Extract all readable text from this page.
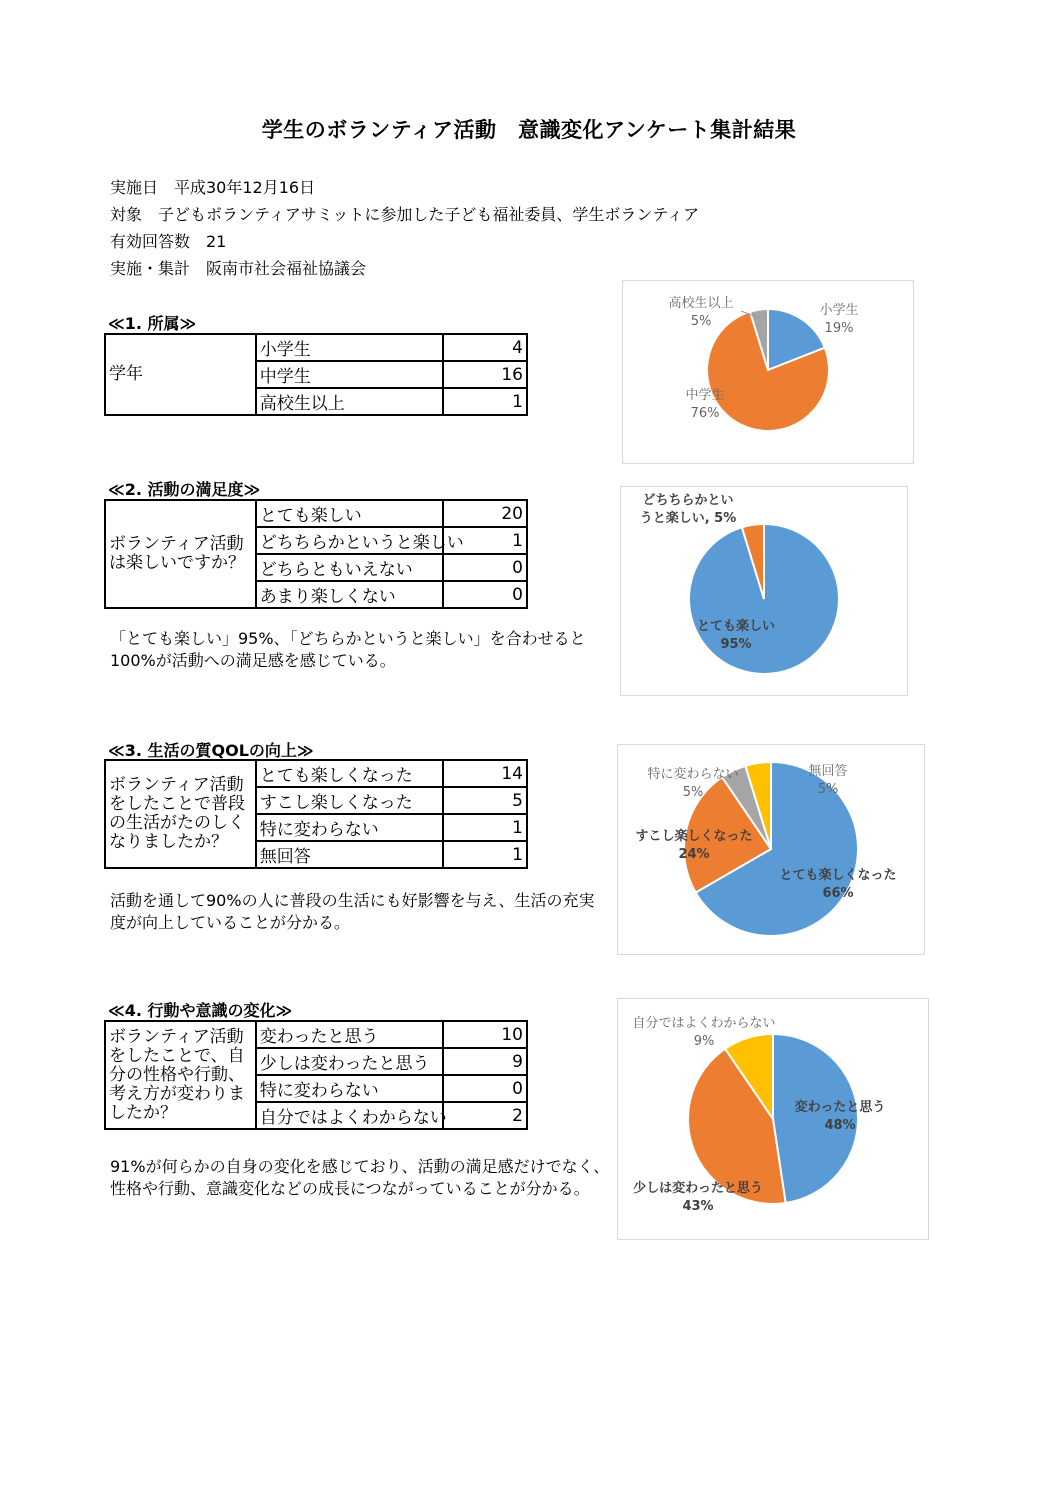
学生のボランティア活動　意識変化アンケート集計結果
実施日　平成30年12月16日
対象　子どもボランティアサミットに参加した子ども福祉委員、学生ボランティア
有効回答数　21
実施・集計　阪南市社会福祉協議会
≪1. 所属≫
学年	小学生	4
	中学生	16
	高校生以上	1
≪2. 活動の満足度≫
ボランティア活動は楽しいですか？	とても楽しい	20
	どちちらかというと楽しい	1
	どちらともいえない	0
	あまり楽しくない	0
「とても楽しい」95%、「どちらかというと楽しい」を合わせると100%が活動への満足感を感じている。
≪3. 生活の質QOLの向上≫
ボランティア活動をしたことで普段の生活がたのしくなりましたか？	とても楽しくなった	14
	すこし楽しくなった	5
	特に変わらない	1
	無回答	1
活動を通して90%の人に普段の生活にも好影響を与え、生活の充実度が向上していることが分かる。
≪4. 行動や意識の変化≫
ボランティア活動をしたことで、自分の性格や行動、考え方が変わりましたか？	変わったと思う	10
	少しは変わったと思う	9
	特に変わらない	0
	自分ではよくわからない	2
91%が何らかの自身の変化を感じており、活動の満足感だけでなく、性格や行動、意識変化などの成長につながっていることが分かる。
小学生 19%
中学生 76%
高校生以上 5%
とても楽しい 95%
どちちらかというと楽しい, 5%
とても楽しくなった 66%
すこし楽しくなった 24%
特に変わらない 5%
無回答 5%
変わったと思う 48%
少しは変わったと思う 43%
自分ではよくわからない 9%
